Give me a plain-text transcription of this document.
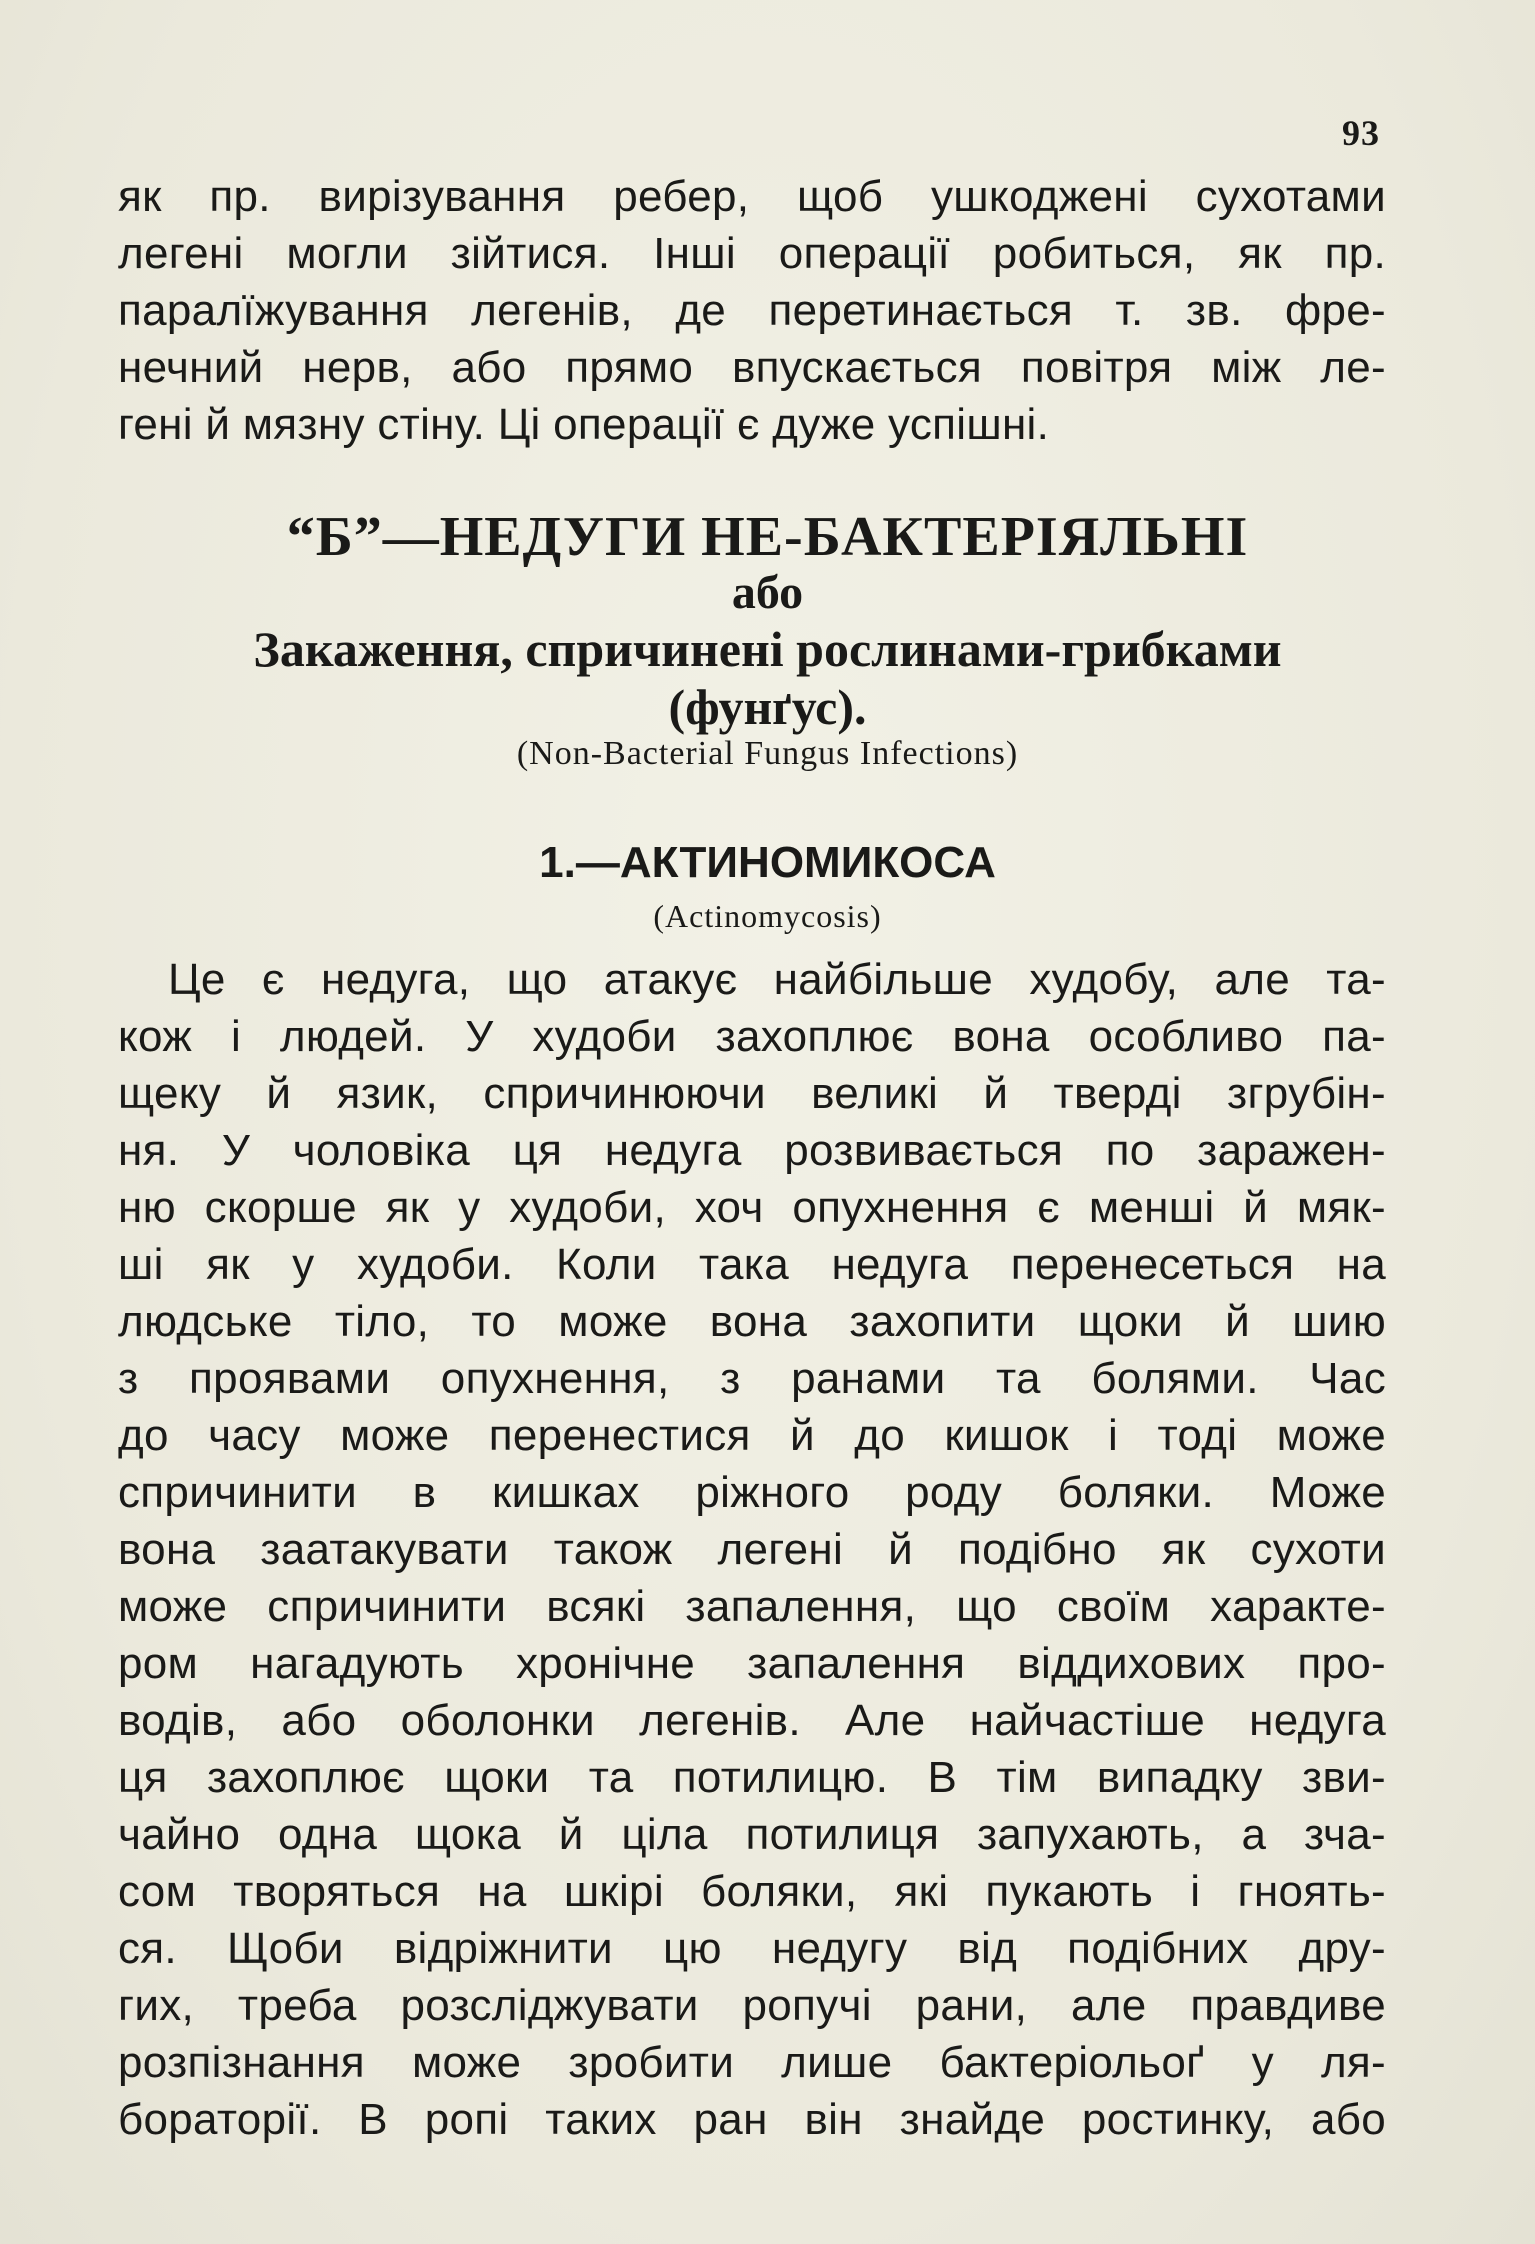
93
як пр. вирізування ребер, щоб ушкоджені сухотами
легені могли зійтися. Інші операції робиться, як пр.
паралїжування легенів, де перетинається т. зв. фре-
нечний нерв, або прямо впускається повітря між ле-
гені й мязну стіну. Ці операції є дуже успішні.
“Б”—НЕДУГИ НЕ-БАКТЕРІЯЛЬНІ
або
Закаження, спричинені рослинами-грибками
(фунґус).
(Non-Bacterial Fungus Infections)
1.—АКТИНОМИКОСА
(Actinomycosis)
Це є недуга, що атакує найбільше худобу, але та-
кож і людей. У худоби захоплює вона особливо па-
щеку й язик, спричинюючи великі й тверді згрубін-
ня. У чоловіка ця недуга розвивається по заражен-
ню скорше як у худоби, хоч опухнення є менші й мяк-
ші як у худоби. Коли така недуга перенесеться на
людське тіло, то може вона захопити щоки й шию
з проявами опухнення, з ранами та болями. Час
до часу може перенестися й до кишок і тоді може
спричинити в кишках ріжного роду боляки. Може
вона заатакувати також легені й подібно як сухоти
може спричинити всякі запалення, що своїм характе-
ром нагадують хронічне запалення віддихових про-
водів, або оболонки легенів. Але найчастіше недуга
ця захоплює щоки та потилицю. В тім випадку зви-
чайно одна щока й ціла потилиця запухають, а зча-
сом творяться на шкірі боляки, які пукають і гноять-
ся. Щоби відріжнити цю недугу від подібних дру-
гих, треба розсліджувати ропучі рани, але правдиве
розпізнання може зробити лише бактеріольоґ у ля-
бораторії. В ропі таких ран він знайде ростинку, або
